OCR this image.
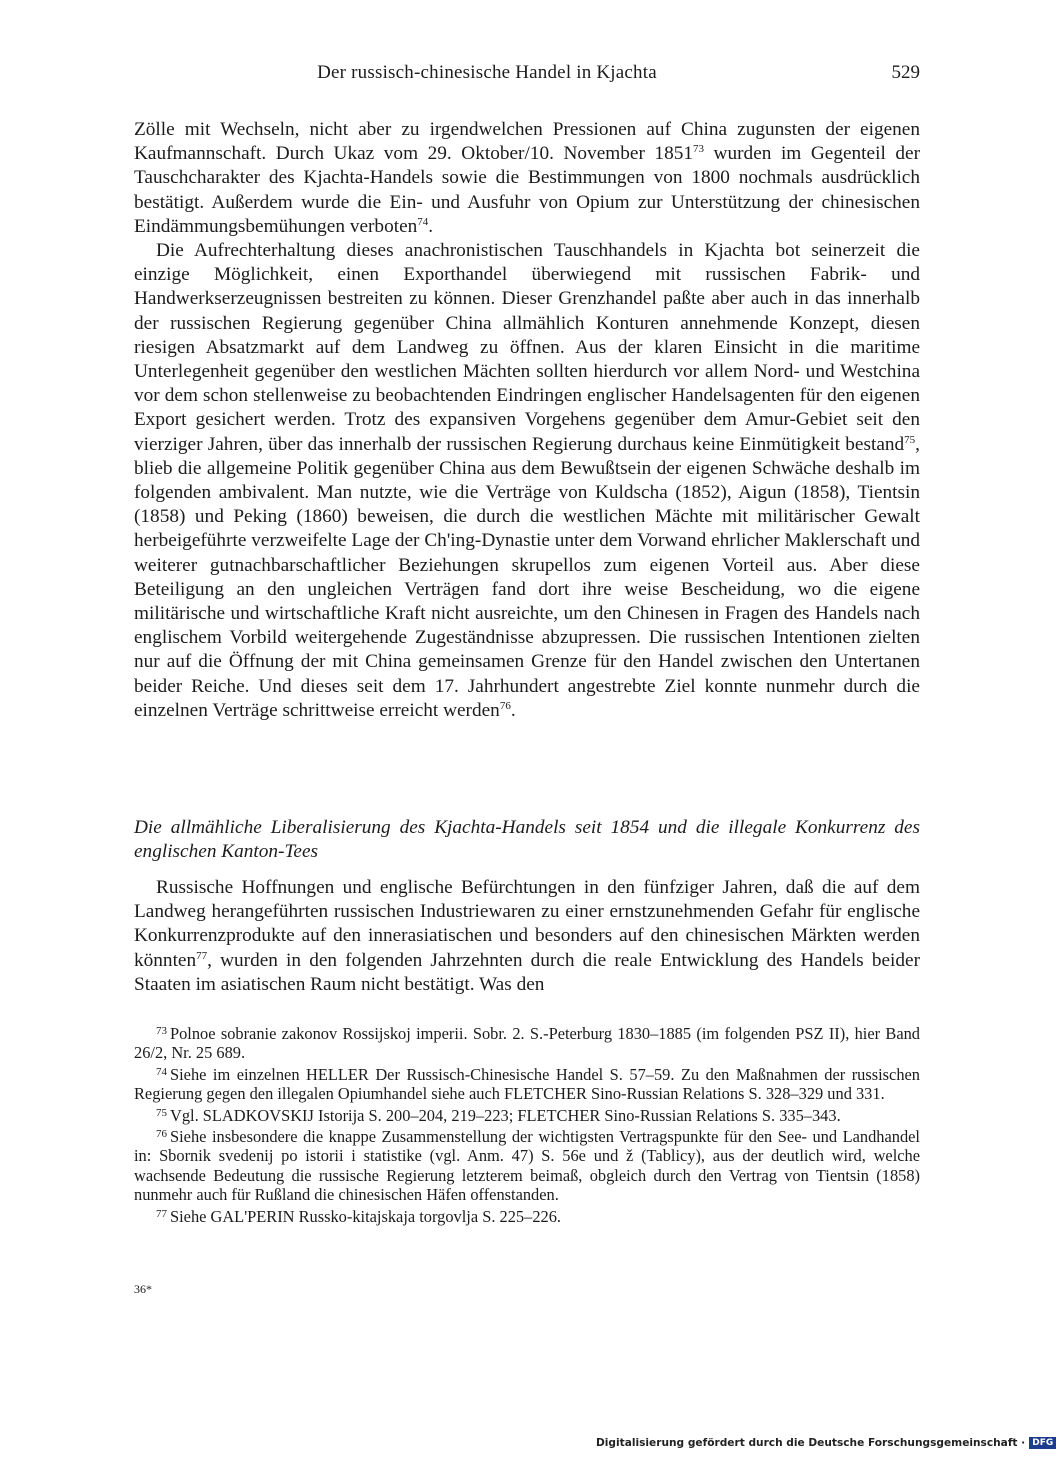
Der russisch-chinesische Handel in Kjachta	529

Zölle mit Wechseln, nicht aber zu irgendwelchen Pressionen auf China zugunsten der eigenen Kaufmannschaft. Durch Ukaz vom 29. Oktober/10. November 1851$^{73}$ wurden im Gegenteil der Tauschcharakter des Kjachta-Handels sowie die Bestimmungen von 1800 nochmals ausdrücklich bestätigt. Außerdem wurde die Ein- und Ausfuhr von Opium zur Unterstützung der chinesischen Eindämmungsbemühungen verboten$^{74}$.

Die Aufrechterhaltung dieses anachronistischen Tauschhandels in Kjachta bot seinerzeit die einzige Möglichkeit, einen Exporthandel überwiegend mit russischen Fabrik- und Handwerkserzeugnissen bestreiten zu können. Dieser Grenzhandel paßte aber auch in das innerhalb der russischen Regierung gegenüber China allmählich Konturen annehmende Konzept, diesen riesigen Absatzmarkt auf dem Landweg zu öffnen. Aus der klaren Einsicht in die maritime Unterlegenheit gegenüber den westlichen Mächten sollten hierdurch vor allem Nord- und Westchina vor dem schon stellenweise zu beobachtenden Eindringen englischer Handelsagenten für den eigenen Export gesichert werden. Trotz des expansiven Vorgehens gegenüber dem Amur-Gebiet seit den vierziger Jahren, über das innerhalb der russischen Regierung durchaus keine Einmütigkeit bestand$^{75}$, blieb die allgemeine Politik gegenüber China aus dem Bewußtsein der eigenen Schwäche deshalb im folgenden ambivalent. Man nutzte, wie die Verträge von Kuldscha (1852), Aigun (1858), Tientsin (1858) und Peking (1860) beweisen, die durch die westlichen Mächte mit militärischer Gewalt herbeigeführte verzweifelte Lage der Ch'ing-Dynastie unter dem Vorwand ehrlicher Maklerschaft und weiterer gutnachbarschaftlicher Beziehungen skrupellos zum eigenen Vorteil aus. Aber diese Beteiligung an den ungleichen Verträgen fand dort ihre weise Bescheidung, wo die eigene militärische und wirtschaftliche Kraft nicht ausreichte, um den Chinesen in Fragen des Handels nach englischem Vorbild weitergehende Zugeständnisse abzupressen. Die russischen Intentionen zielten nur auf die Öffnung der mit China gemeinsamen Grenze für den Handel zwischen den Untertanen beider Reiche. Und dieses seit dem 17. Jahrhundert angestrebte Ziel konnte nunmehr durch die einzelnen Verträge schrittweise erreicht werden$^{76}$.

Die allmähliche Liberalisierung des Kjachta-Handels seit 1854 und die illegale Konkurrenz des englischen Kanton-Tees

Russische Hoffnungen und englische Befürchtungen in den fünfziger Jahren, daß die auf dem Landweg herangeführten russischen Industriewaren zu einer ernstzunehmenden Gefahr für englische Konkurrenzprodukte auf den innerasiatischen und besonders auf den chinesischen Märkten werden könnten$^{77}$, wurden in den folgenden Jahrzehnten durch die reale Entwicklung des Handels beider Staaten im asiatischen Raum nicht bestätigt. Was den

$^{73}$ Polnoe sobranie zakonov Rossijskoj imperii. Sobr. 2. S.-Peterburg 1830–1885 (im folgenden PSZ II), hier Band 26/2, Nr. 25 689.

$^{74}$ Siehe im einzelnen HELLER Der Russisch-Chinesische Handel S. 57–59. Zu den Maßnahmen der russischen Regierung gegen den illegalen Opiumhandel siehe auch FLETCHER Sino-Russian Relations S. 328–329 und 331.

$^{75}$ Vgl. SLADKOVSKIJ Istorija S. 200–204, 219–223; FLETCHER Sino-Russian Relations S. 335–343.

$^{76}$ Siehe insbesondere die knappe Zusammenstellung der wichtigsten Vertragspunkte für den See- und Landhandel in: Sbornik svedenij po istorii i statistike (vgl. Anm. 47) S. 56e und ž (Tablicy), aus der deutlich wird, welche wachsende Bedeutung die russische Regierung letzterem beimaß, obgleich durch den Vertrag von Tientsin (1858) nunmehr auch für Rußland die chinesischen Häfen offenstanden.

$^{77}$ Siehe GAL'PERIN Russko-kitajskaja torgovlja S. 225–226.

36*
Digitalisierung gefördert durch die Deutsche Forschungsgemeinschaft · DFG
